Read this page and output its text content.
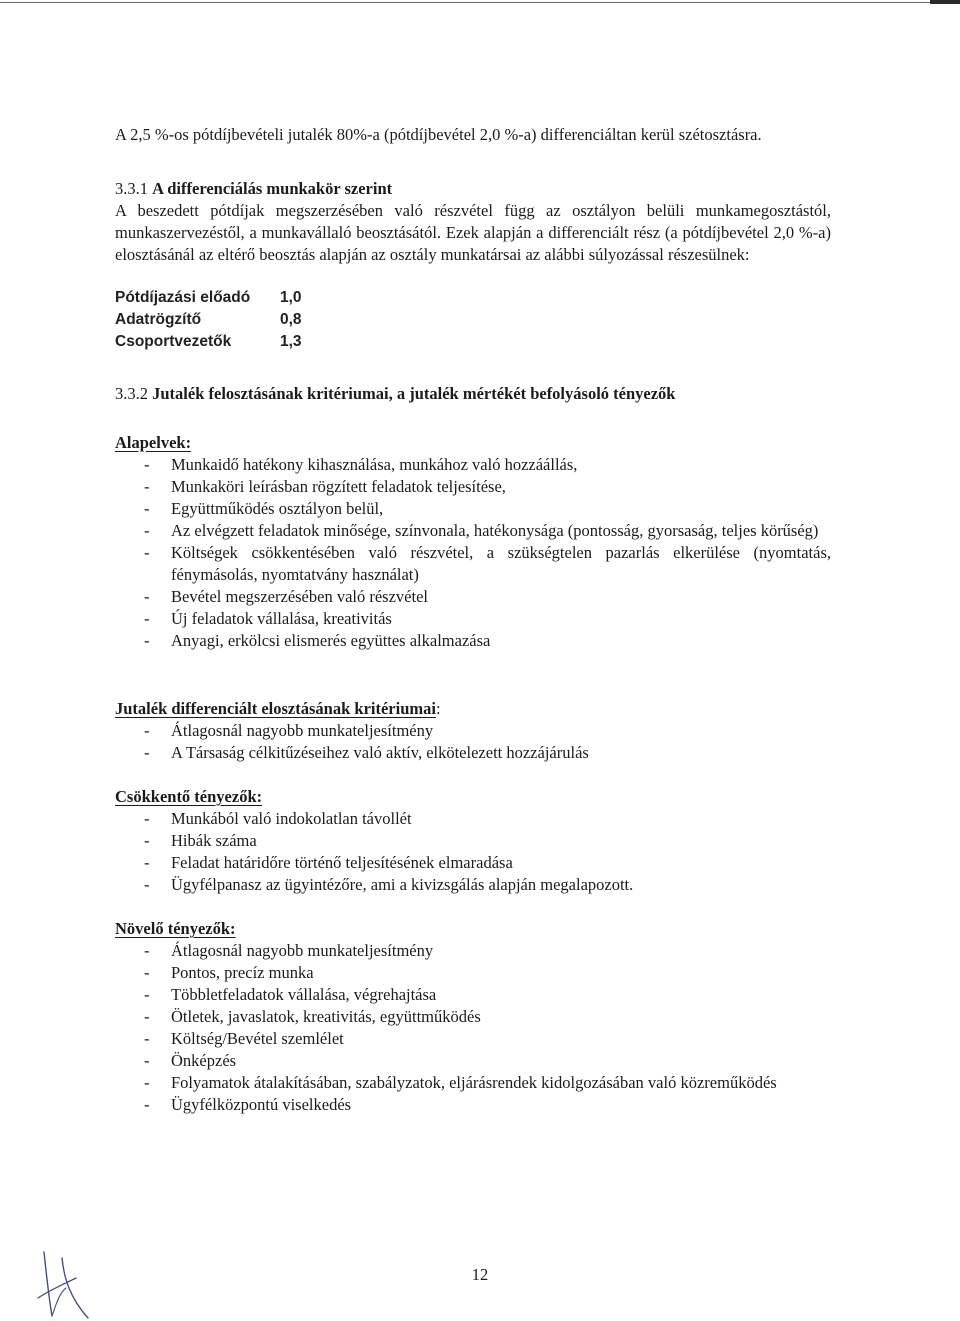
A 2,5 %-os pótdíjbevételi jutalék 80%-a (pótdíjbevétel 2,0 %-a) differenciáltan kerül szétosztásra.

3.3.1 A differenciálás munkakör szerint

A beszedett pótdíjak megszerzésében való részvétel függ az osztályon belüli munkamegosztástól, munkaszervezéstől, a munkavállaló beosztásától. Ezek alapján a differenciált rész (a pótdíjbevétel 2,0 %-a) elosztásánál az eltérő beosztás alapján az osztály munkatársai az alábbi súlyozással részesülnek:

Pótdíjazási előadó	1,0
Adatrögzítő	0,8
Csoportvezetők	1,3

3.3.2 Jutalék felosztásának kritériumai, a jutalék mértékét befolyásoló tényezők

Alapelvek:

- Munkaidő hatékony kihasználása, munkához való hozzáállás,
- Munkaköri leírásban rögzített feladatok teljesítése,
- Együttműködés osztályon belül,
- Az elvégzett feladatok minősége, színvonala, hatékonysága (pontosság, gyorsaság, teljes körűség)
- Költségek csökkentésében való részvétel, a szükségtelen pazarlás elkerülése (nyomtatás, fénymásolás, nyomtatvány használat)
- Bevétel megszerzésében való részvétel
- Új feladatok vállalása, kreativitás
- Anyagi, erkölcsi elismerés együttes alkalmazása

Jutalék differenciált elosztásának kritériumai:

- Átlagosnál nagyobb munkateljesítmény
- A Társaság célkitűzéseihez való aktív, elkötelezett hozzájárulás

Csökkentő tényezők:

- Munkából való indokolatlan távollét
- Hibák száma
- Feladat határidőre történő teljesítésének elmaradása
- Ügyfélpanasz az ügyintézőre, ami a kivizsgálás alapján megalapozott.

Növelő tényezők:

- Átlagosnál nagyobb munkateljesítmény
- Pontos, precíz munka
- Többletfeladatok vállalása, végrehajtása
- Ötletek, javaslatok, kreativitás, együttműködés
- Költség/Bevétel szemlélet
- Önképzés
- Folyamatok átalakításában, szabályzatok, eljárásrendek kidolgozásában való közreműködés
- Ügyfélközpontú viselkedés
12
